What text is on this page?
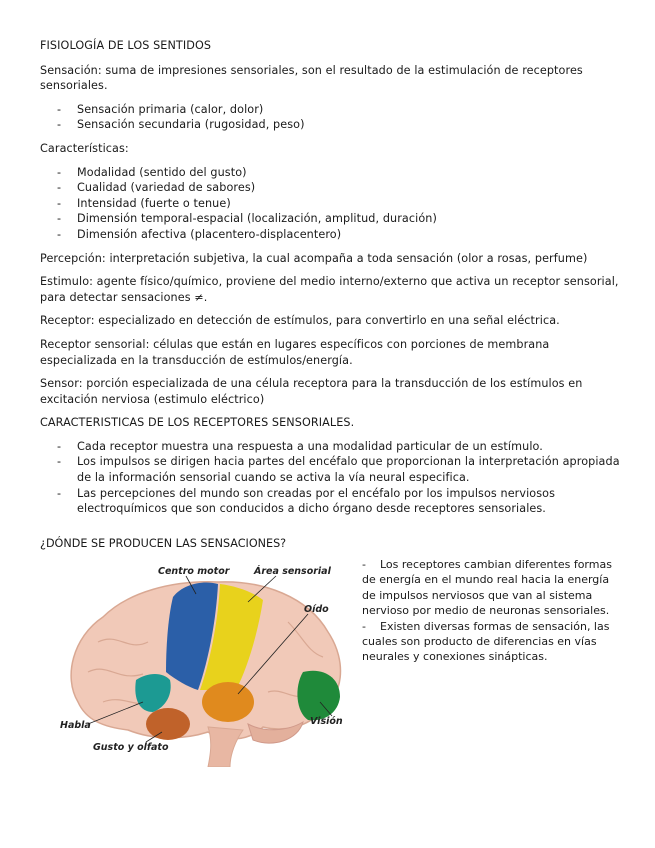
FISIOLOGÍA DE LOS SENTIDOS

Sensación: suma de impresiones sensoriales, son el resultado de la estimulación de receptores sensoriales.

- Sensación primaria (calor, dolor)
- Sensación secundaria (rugosidad, peso)

Características:

- Modalidad (sentido del gusto)
- Cualidad (variedad de sabores)
- Intensidad (fuerte o tenue)
- Dimensión temporal-espacial (localización, amplitud, duración)
- Dimensión afectiva (placentero-displacentero)

Percepción: interpretación subjetiva, la cual acompaña a toda sensación (olor a rosas, perfume)

Estimulo: agente físico/químico, proviene del medio interno/externo que activa un receptor sensorial, para detectar sensaciones ≠.

Receptor: especializado en detección de estímulos, para convertirlo en una señal eléctrica.

Receptor sensorial: células que están en lugares específicos con porciones de membrana especializada en la transducción de estímulos/energía.

Sensor: porción especializada de una célula receptora para la transducción de los estímulos en excitación nerviosa (estimulo eléctrico)

CARACTERISTICAS DE LOS RECEPTORES SENSORIALES.

- Cada receptor muestra una respuesta a una modalidad particular de un estímulo.
- Los impulsos se dirigen hacia partes del encéfalo que proporcionan la interpretación apropiada de la información sensorial cuando se activa la vía neural especifica.
- Las percepciones del mundo son creadas por el encéfalo por los impulsos nerviosos electroquímicos que son conducidos a dicho órgano desde receptores sensoriales.
¿DÓNDE SE PRODUCEN LAS SENSACIONES?
Centro motor	Área sensorial
Oído
Visión
Habla
Gusto y olfato

- Los receptores cambian diferentes formas de energía en el mundo real hacia la energía de impulsos nerviosos que van al sistema nervioso por medio de neuronas sensoriales.

- Existen diversas formas de sensación, las cuales son producto de diferencias en vías neurales y conexiones sinápticas.
